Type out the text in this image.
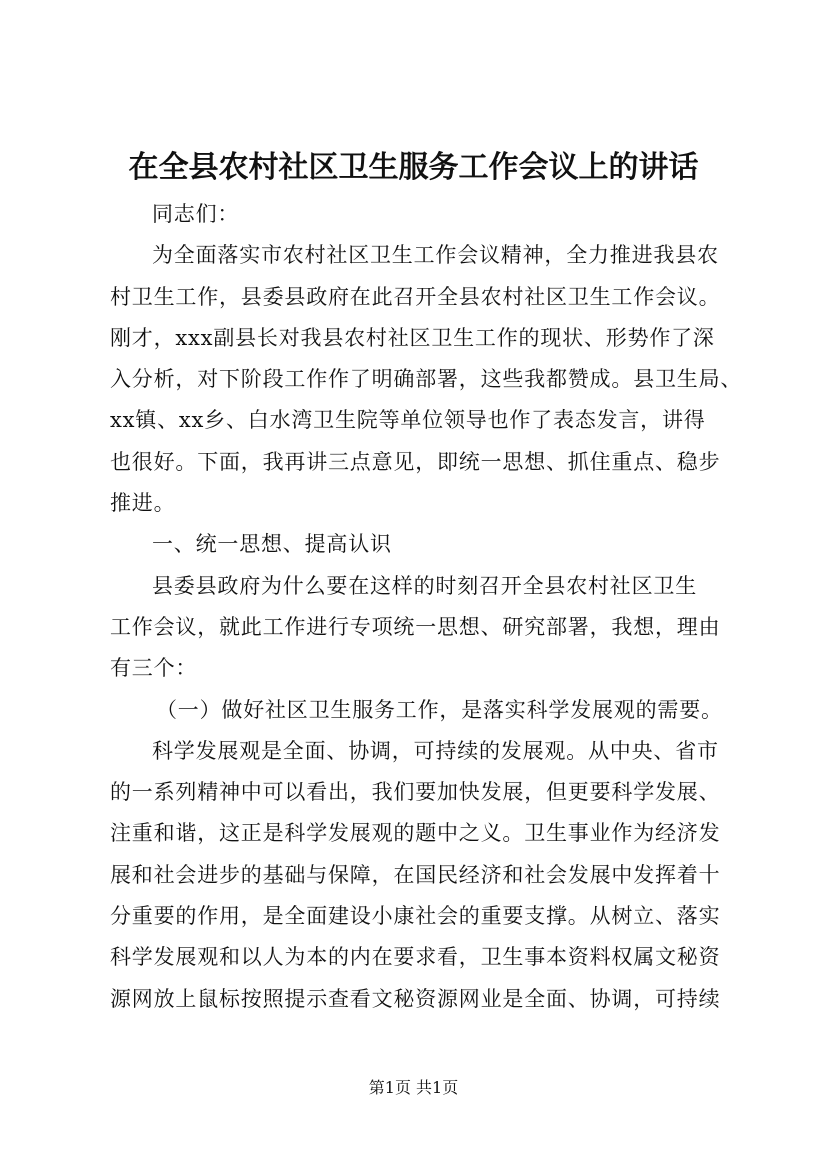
在全县农村社区卫生服务工作会议上的讲话
同志们：
为全面落实市农村社区卫生工作会议精神，全力推进我县农
村卫生工作，县委县政府在此召开全县农村社区卫生工作会议。
刚才，xxx副县长对我县农村社区卫生工作的现状、形势作了深
入分析，对下阶段工作作了明确部署，这些我都赞成。县卫生局、
xx镇、xx乡、白水湾卫生院等单位领导也作了表态发言，讲得
也很好。下面，我再讲三点意见，即统一思想、抓住重点、稳步
推进。
一、统一思想、提高认识
县委县政府为什么要在这样的时刻召开全县农村社区卫生
工作会议，就此工作进行专项统一思想、研究部署，我想，理由
有三个：
（一）做好社区卫生服务工作，是落实科学发展观的需要。
科学发展观是全面、协调，可持续的发展观。从中央、省市
的一系列精神中可以看出，我们要加快发展，但更要科学发展、
注重和谐，这正是科学发展观的题中之义。卫生事业作为经济发
展和社会进步的基础与保障，在国民经济和社会发展中发挥着十
分重要的作用，是全面建设小康社会的重要支撑。从树立、落实
科学发展观和以人为本的内在要求看，卫生事本资料权属文秘资
源网放上鼠标按照提示查看文秘资源网业是全面、协调，可持续
第1页 共1页
